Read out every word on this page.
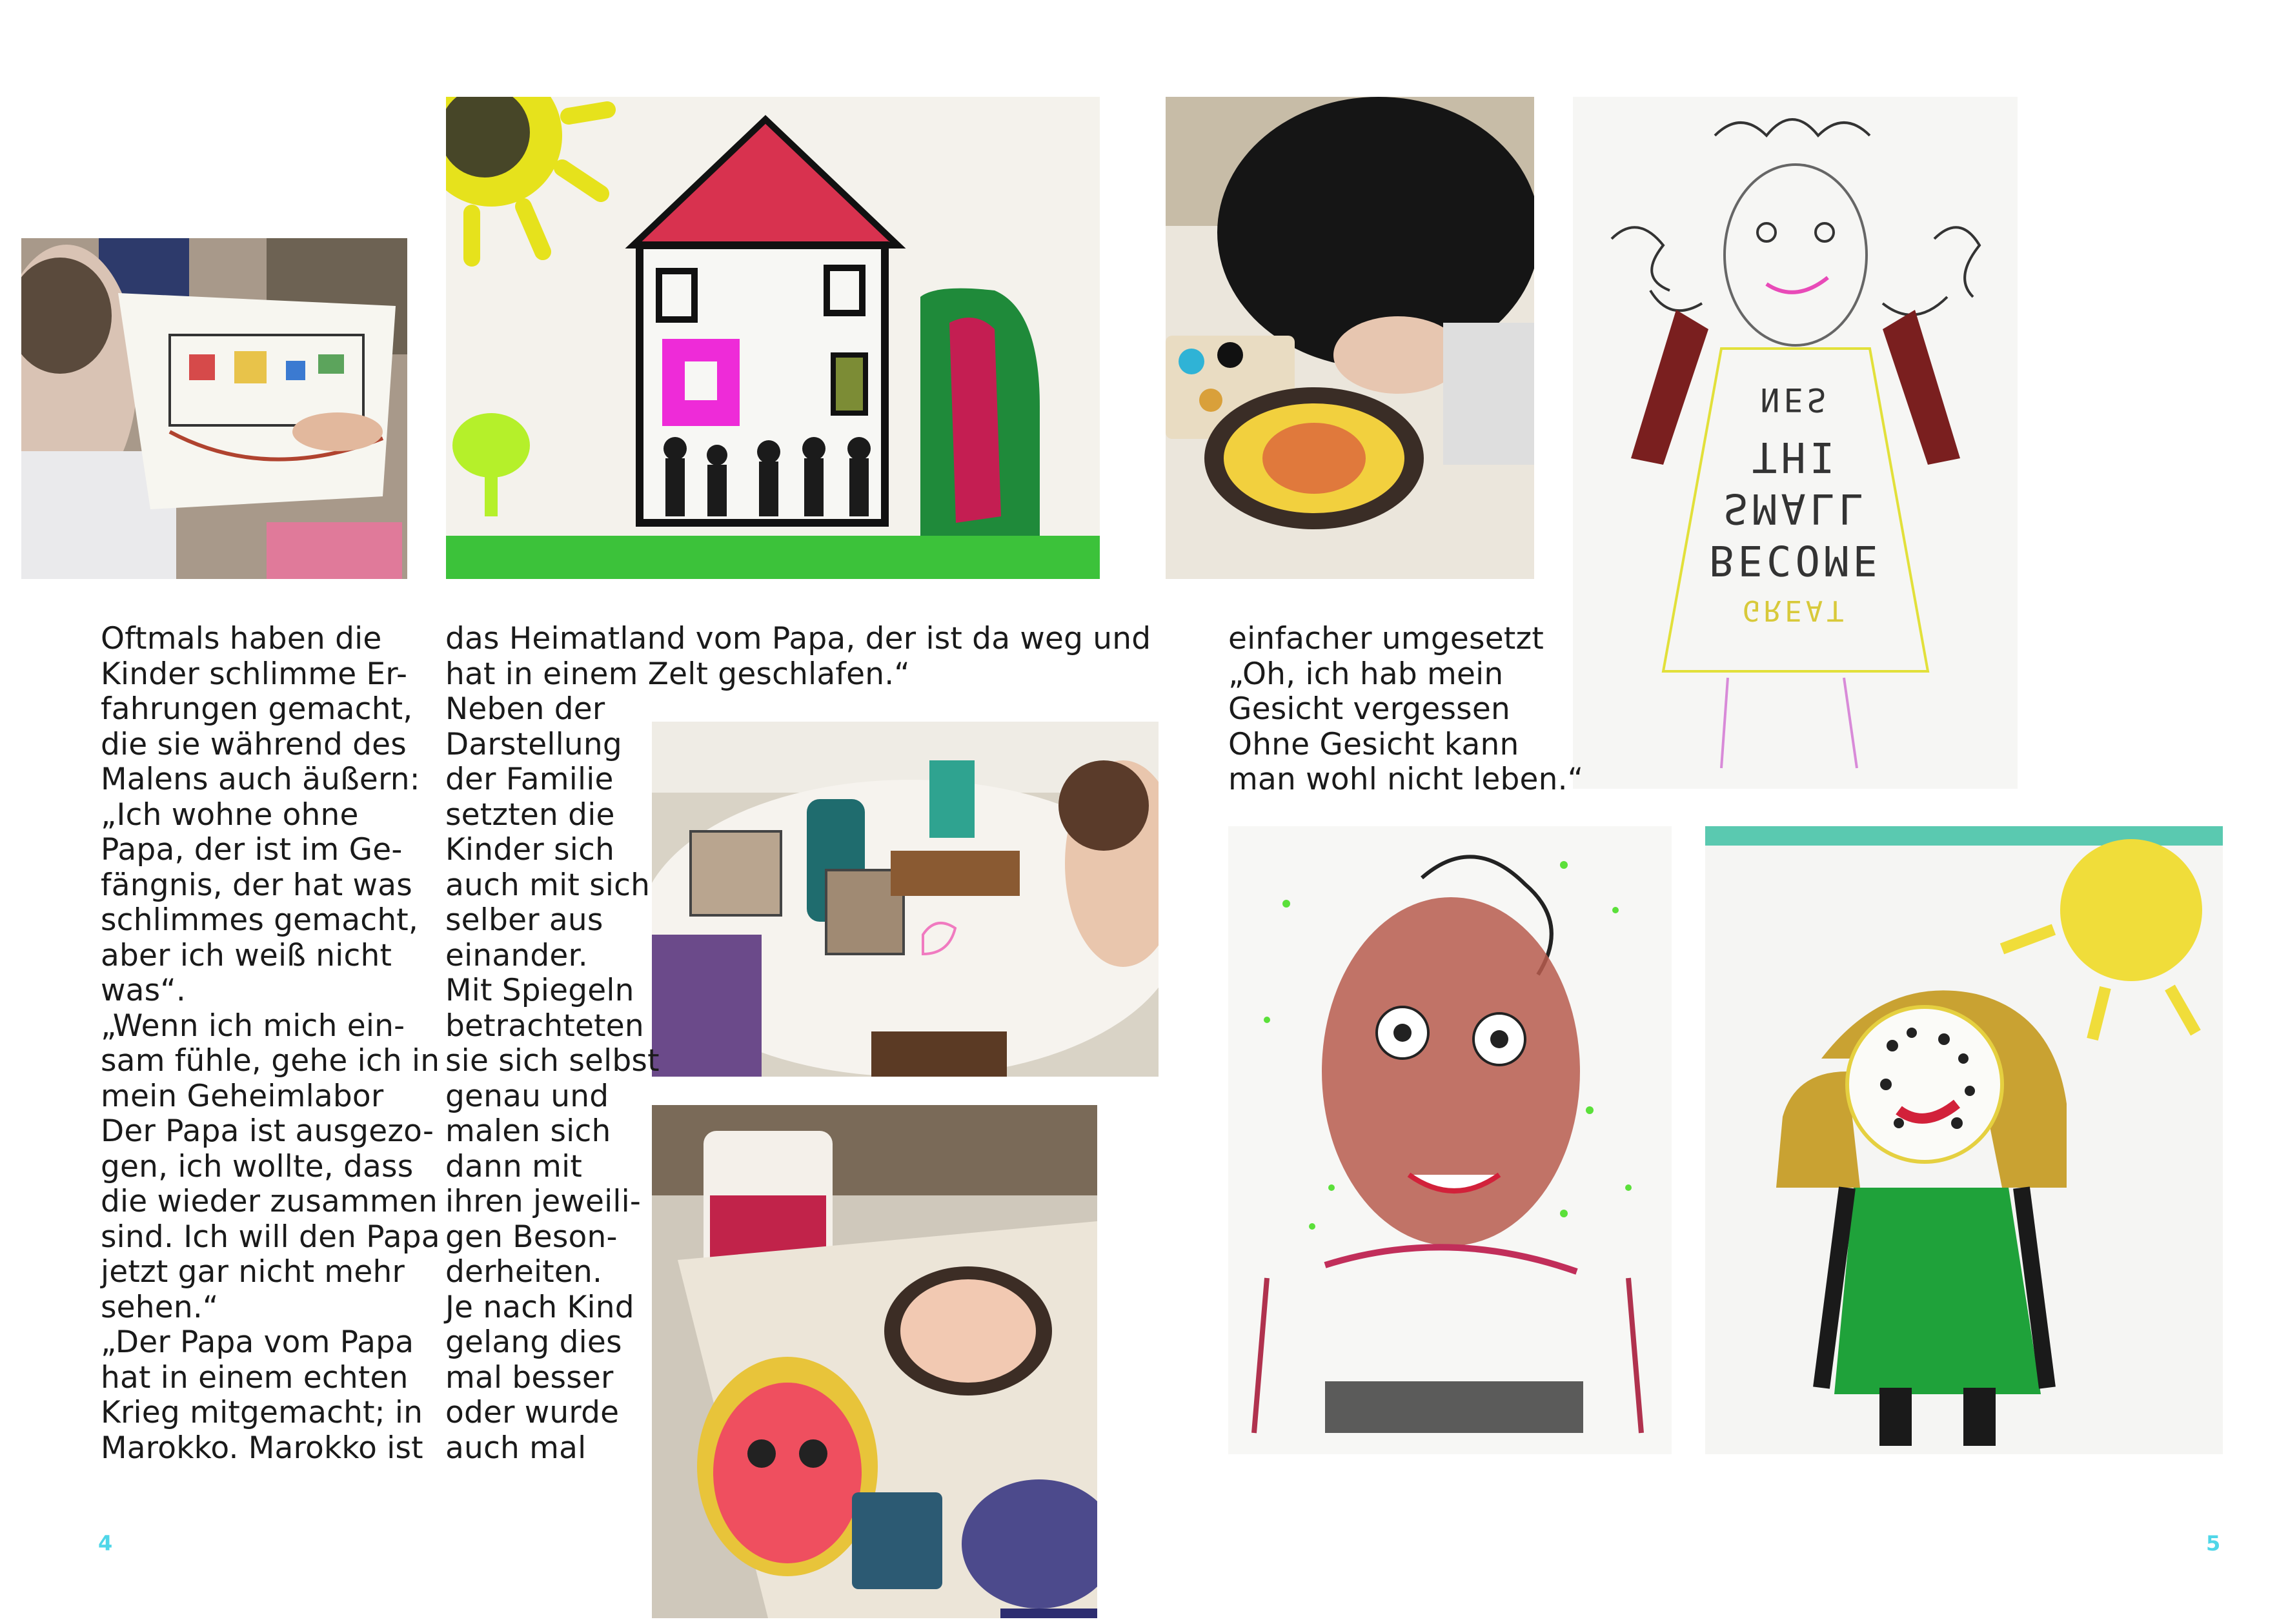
Oftmals haben die
Kinder schlimme Er-
fahrungen gemacht,
die sie während des
Malens auch äußern:
„Ich wohne ohne
Papa, der ist im Ge-
fängnis, der hat was
schlimmes gemacht,
aber ich weiß nicht
was“.
„Wenn ich mich ein-
sam fühle, gehe ich in
mein Geheimlabor
Der Papa ist ausgezo-
gen, ich wollte, dass
die wieder zusammen
sind. Ich will den Papa
jetzt gar nicht mehr
sehen.“
„Der Papa vom Papa
hat in einem echten
Krieg mitgemacht; in
Marokko. Marokko ist
das Heimatland vom Papa, der ist da weg und
hat in einem Zelt geschlafen.“
Neben der
Darstellung
der Familie
setzten die
Kinder sich
auch mit sich
selber aus
einander.
Mit Spiegeln
betrachteten
sie sich selbst
genau und
malen sich
dann mit
ihren jeweili-
gen Beson-
derheiten.
Je nach Kind
gelang dies
mal besser
oder wurde
auch mal
einfacher umgesetzt
„Oh, ich hab mein
Gesicht vergessen
Ohne Gesicht kann
man wohl nicht leben.“
4	5
NES
THI
SMALL
BECOME
GREAT
